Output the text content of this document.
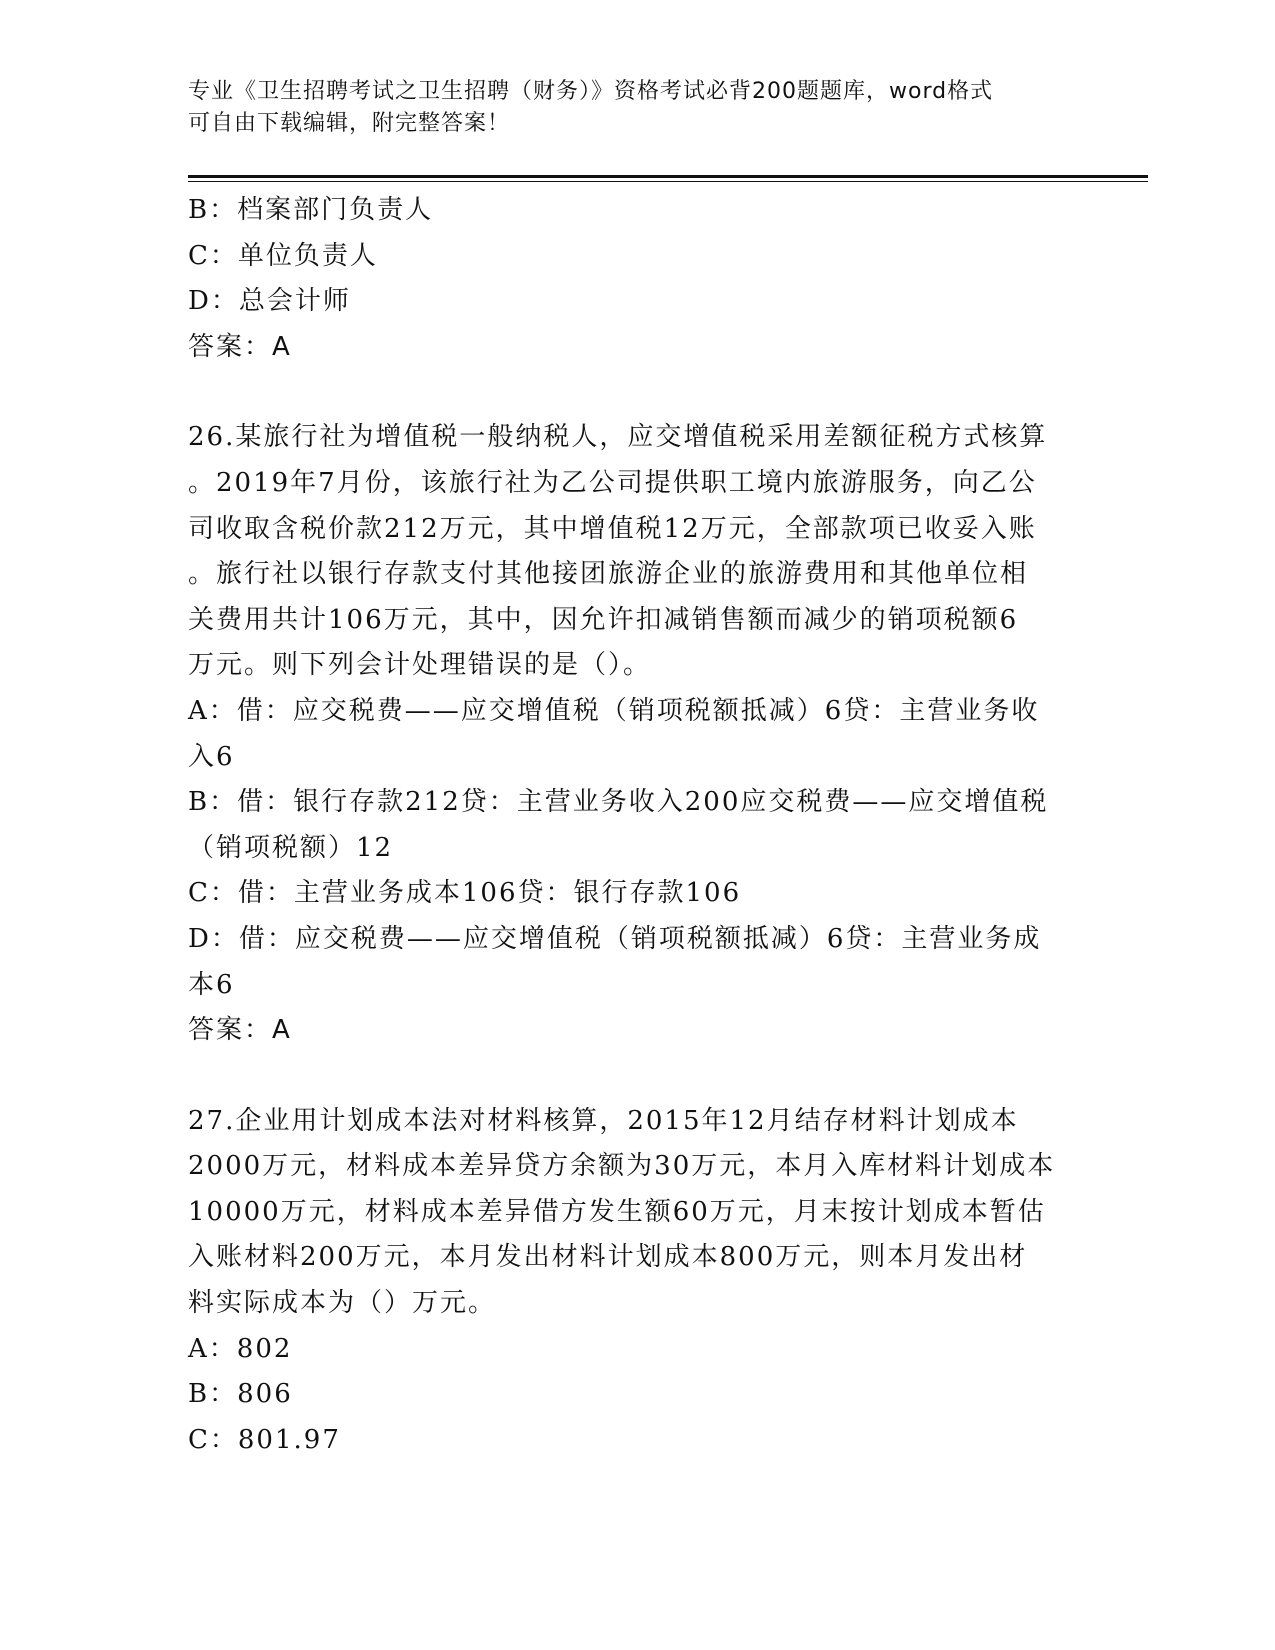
专业《卫生招聘考试之卫生招聘（财务）》资格考试必背200题题库，word格式
可自由下载编辑，附完整答案！
B：档案部门负责人
C：单位负责人
D：总会计师
答案：A
26.某旅行社为增值税一般纳税人，应交增值税采用差额征税方式核算
。2019年7月份，该旅行社为乙公司提供职工境内旅游服务，向乙公
司收取含税价款212万元，其中增值税12万元，全部款项已收妥入账
。旅行社以银行存款支付其他接团旅游企业的旅游费用和其他单位相
关费用共计106万元，其中，因允许扣减销售额而减少的销项税额6
万元。则下列会计处理错误的是（）。
A：借：应交税费——应交增值税（销项税额抵减）6贷：主营业务收
入6
B：借：银行存款212贷：主营业务收入200应交税费——应交增值税
（销项税额）12
C：借：主营业务成本106贷：银行存款106
D：借：应交税费——应交增值税（销项税额抵减）6贷：主营业务成
本6
答案：A
27.企业用计划成本法对材料核算，2015年12月结存材料计划成本
2000万元，材料成本差异贷方余额为30万元，本月入库材料计划成本
10000万元，材料成本差异借方发生额60万元，月末按计划成本暂估
入账材料200万元，本月发出材料计划成本800万元，则本月发出材
料实际成本为（）万元。
A：802
B：806
C：801.97
